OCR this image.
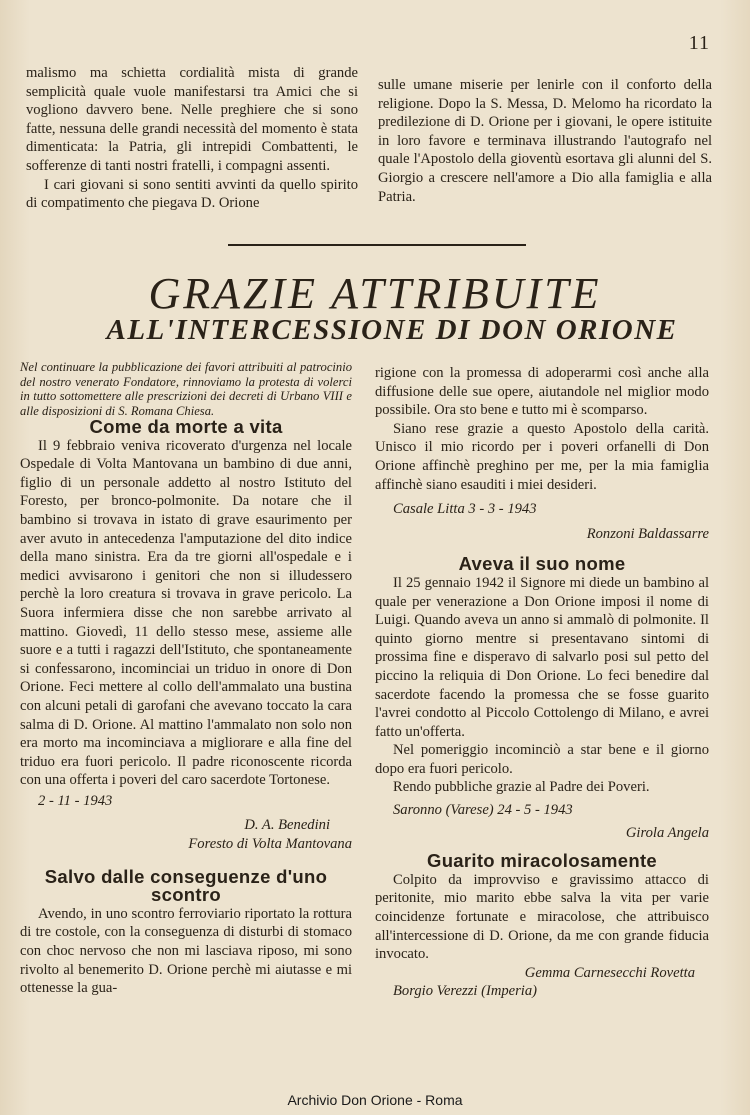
11

malismo ma schietta cordialità mista di grande semplicità quale vuole manifestarsi tra Amici che si vogliono davvero bene. Nelle preghiere che si sono fatte, nessuna delle grandi necessità del momento è stata dimenticata: la Patria, gli intrepidi Combattenti, le sofferenze di tanti nostri fratelli, i compagni assenti.

I cari giovani si sono sentiti avvinti da quello spirito di compatimento che piegava D. Orione

sulle umane miserie per lenirle con il conforto della religione. Dopo la S. Messa, D. Melomo ha ricordato la predilezione di D. Orione per i giovani, le opere istituite in loro favore e terminava illustrando l'autografo nel quale l'Apostolo della gioventù esortava gli alunni del S. Giorgio a crescere nell'amore a Dio alla famiglia e alla Patria.

GRAZIE ATTRIBUITE
ALL'INTERCESSIONE DI DON ORIONE

Nel continuare la pubblicazione dei favori attribuiti al patrocinio del nostro venerato Fondatore, rinnoviamo la protesta di volerci in tutto sottomettere alle prescrizioni dei decreti di Urbano VIII e alle disposizioni di S. Romana Chiesa.

Come da morte a vita

Il 9 febbraio veniva ricoverato d'urgenza nel locale Ospedale di Volta Mantovana un bambino di due anni, figlio di un personale addetto al nostro Istituto del Foresto, per bronco-polmonite. Da notare che il bambino si trovava in istato di grave esaurimento per aver avuto in antecedenza l'amputazione del dito indice della mano sinistra. Era da tre giorni all'ospedale e i medici avvisarono i genitori che non si illudessero perchè la loro creatura si trovava in grave pericolo. La Suora infermiera disse che non sarebbe arrivato al mattino. Giovedì, 11 dello stesso mese, assieme alle suore e a tutti i ragazzi dell'Istituto, che spontaneamente si confessarono, incominciai un triduo in onore di Don Orione. Feci mettere al collo dell'ammalato una bustina con alcuni petali di garofani che avevano toccato la cara salma di D. Orione. Al mattino l'ammalato non solo non era morto ma incominciava a migliorare e alla fine del triduo era fuori pericolo. Il padre riconoscente ricorda con una offerta i poveri del caro sacerdote Tortonese.

2 - 11 - 1943

D. A. Benedini

Foresto di Volta Mantovana

Salvo dalle conseguenze d'uno scontro

Avendo, in uno scontro ferroviario riportato la rottura di tre costole, con la conseguenza di disturbi di stomaco con choc nervoso che non mi lasciava riposo, mi sono rivolto al benemerito D. Orione perchè mi aiutasse e mi ottenesse la gua-

rigione con la promessa di adoperarmi così anche alla diffusione delle sue opere, aiutandole nel miglior modo possibile. Ora sto bene e tutto mi è scomparso.

Siano rese grazie a questo Apostolo della carità. Unisco il mio ricordo per i poveri orfanelli di Don Orione affinchè preghino per me, per la mia famiglia affinchè siano esauditi i miei desideri.

Casale Litta 3 - 3 - 1943

Ronzoni Baldassarre

Aveva il suo nome

Il 25 gennaio 1942 il Signore mi diede un bambino al quale per venerazione a Don Orione imposi il nome di Luigi. Quando aveva un anno si ammalò di polmonite. Il quinto giorno mentre si presentavano sintomi di prossima fine e disperavo di salvarlo posi sul petto del piccino la reliquia di Don Orione. Lo feci benedire dal sacerdote facendo la promessa che se fosse guarito l'avrei condotto al Piccolo Cottolengo di Milano, e avrei fatto un'offerta.

Nel pomeriggio incominciò a star bene e il giorno dopo era fuori pericolo.

Rendo pubbliche grazie al Padre dei Poveri.

Saronno (Varese) 24 - 5 - 1943

Girola Angela

Guarito miracolosamente

Colpito da improvviso e gravissimo attacco di peritonite, mio marito ebbe salva la vita per varie coincidenze fortunate e miracolose, che attribuisco all'intercessione di D. Orione, da me con grande fiducia invocato.

Gemma Carnesecchi Rovetta

Borgio Verezzi (Imperia)

Archivio Don Orione - Roma
